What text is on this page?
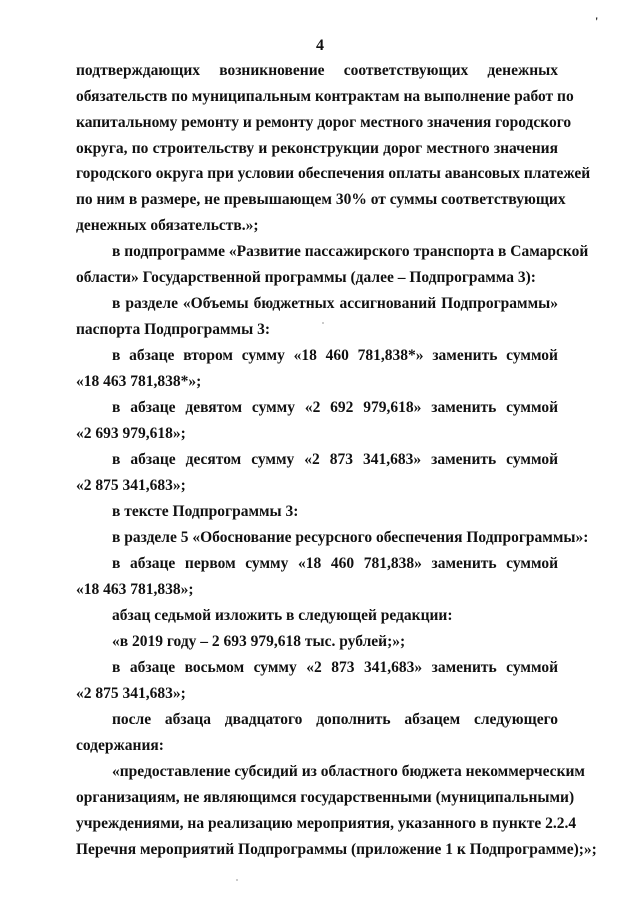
'
4
подтверждающих возникновение соответствующих денежных
обязательств по муниципальным контрактам на выполнение работ по
капитальному ремонту и ремонту дорог местного значения городского
округа, по строительству и реконструкции дорог местного значения
городского округа при условии обеспечения оплаты авансовых платежей
по ним в размере, не превышающем 30% от суммы соответствующих
денежных обязательств.»;
в подпрограмме «Развитие пассажирского транспорта в Самарской
области» Государственной программы (далее – Подпрограмма 3):
в разделе «Объемы бюджетных ассигнований Подпрограммы»
паспорта Подпрограммы 3:
в абзаце втором сумму «18 460 781,838*» заменить суммой
«18 463 781,838*»;
в абзаце девятом сумму «2 692 979,618» заменить суммой
«2 693 979,618»;
в абзаце десятом сумму «2 873 341,683» заменить суммой
«2 875 341,683»;
в тексте Подпрограммы 3:
в разделе 5 «Обоснование ресурсного обеспечения Подпрограммы»:
в абзаце первом сумму «18 460 781,838» заменить суммой
«18 463 781,838»;
абзац седьмой изложить в следующей редакции:
«в 2019 году – 2 693 979,618 тыс. рублей;»;
в абзаце восьмом сумму «2 873 341,683» заменить суммой
«2 875 341,683»;
после абзаца двадцатого дополнить абзацем следующего
содержания:
«предоставление субсидий из областного бюджета некоммерческим
организациям, не являющимся государственными (муниципальными)
учреждениями, на реализацию мероприятия, указанного в пункте 2.2.4
Перечня мероприятий Подпрограммы (приложение 1 к Подпрограмме);»;
